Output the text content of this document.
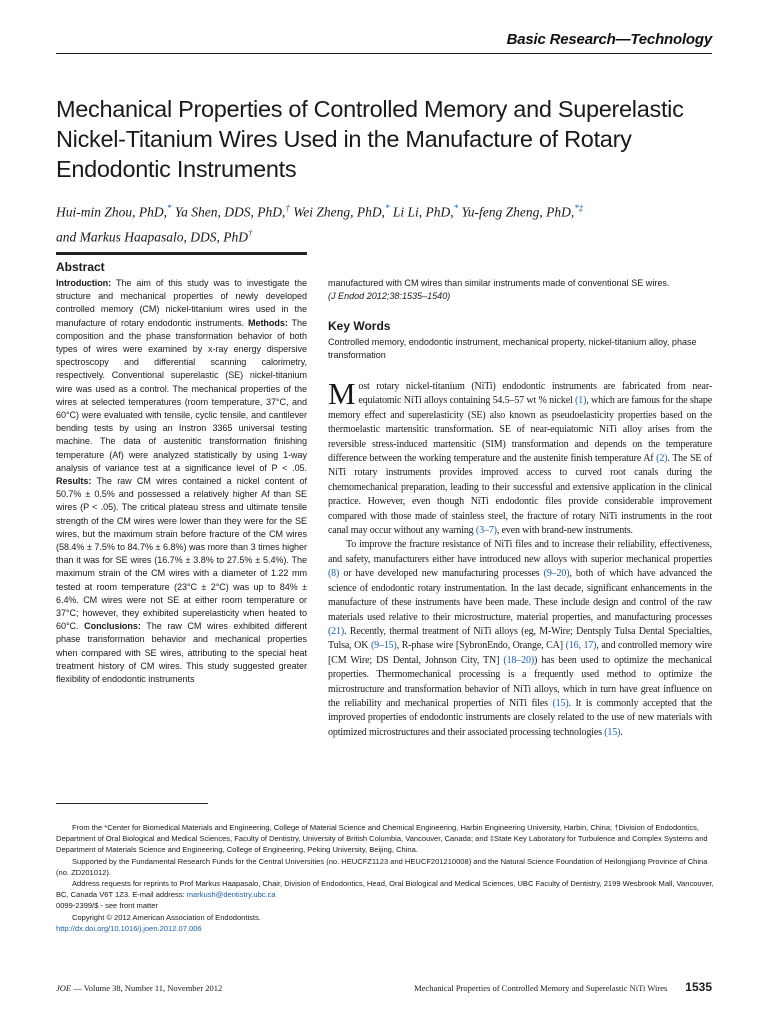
Basic Research—Technology
Mechanical Properties of Controlled Memory and Superelastic Nickel-Titanium Wires Used in the Manufacture of Rotary Endodontic Instruments
Hui-min Zhou, PhD,* Ya Shen, DDS, PhD,† Wei Zheng, PhD,* Li Li, PhD,* Yu-feng Zheng, PhD,*‡
and Markus Haapasalo, DDS, PhD†
Abstract
Introduction: The aim of this study was to investigate the structure and mechanical properties of newly developed controlled memory (CM) nickel-titanium wires used in the manufacture of rotary endodontic instruments. Methods: The composition and the phase transformation behavior of both types of wires were examined by x-ray energy dispersive spectroscopy and differential scanning calorimetry, respectively. Conventional superelastic (SE) nickel-titanium wire was used as a control. The mechanical properties of the wires at selected temperatures (room temperature, 37°C, and 60°C) were evaluated with tensile, cyclic tensile, and cantilever bending tests by using an Instron 3365 universal testing machine. The data of austenitic transformation finishing temperature (Af) were analyzed statistically by using 1-way analysis of variance test at a significance level of P < .05. Results: The raw CM wires contained a nickel content of 50.7% ± 0.5% and possessed a relatively higher Af than SE wires (P < .05). The critical plateau stress and ultimate tensile strength of the CM wires were lower than they were for the SE wires, but the maximum strain before fracture of the CM wires (58.4% ± 7.5% to 84.7% ± 6.8%) was more than 3 times higher than it was for SE wires (16.7% ± 3.8% to 27.5% ± 5.4%). The maximum strain of the CM wires with a diameter of 1.22 mm tested at room temperature (23°C ± 2°C) was up to 84% ± 6.4%. CM wires were not SE at either room temperature or 37°C; however, they exhibited superelasticity when heated to 60°C. Conclusions: The raw CM wires exhibited different phase transformation behavior and mechanical properties when compared with SE wires, attributing to the special heat treatment history of CM wires. This study suggested greater flexibility of endodontic instruments
manufactured with CM wires than similar instruments made of conventional SE wires.
(J Endod 2012;38:1535–1540)
Key Words
Controlled memory, endodontic instrument, mechanical property, nickel-titanium alloy, phase transformation

Most rotary nickel-titanium (NiTi) endodontic instruments are fabricated from near-equiatomic NiTi alloys containing 54.5–57 wt % nickel (1), which are famous for the shape memory effect and superelasticity (SE) also known as pseudoelasticity properties based on the thermoelastic martensitic transformation. SE of near-equiatomic NiTi alloy arises from the reversible stress-induced martensitic (SIM) transformation and depends on the temperature difference between the working temperature and the austenite finish temperature Af (2). The SE of NiTi rotary instruments provides improved access to curved root canals during the chemomechanical preparation, leading to their successful and extensive application in the clinical practice. However, even though NiTi endodontic files provide considerable improvement compared with those made of stainless steel, the fracture of rotary NiTi instruments in the root canal may occur without any warning (3–7), even with brand-new instruments.

To improve the fracture resistance of NiTi files and to increase their reliability, effectiveness, and safety, manufacturers either have introduced new alloys with superior mechanical properties (8) or have developed new manufacturing processes (9–20), both of which have advanced the science of endodontic rotary instrumentation. In the last decade, significant enhancements in the manufacture of these instruments have been made. These include design and control of the raw materials used relative to their microstructure, material properties, and manufacturing processes (21). Recently, thermal treatment of NiTi alloys (eg, M-Wire; Dentsply Tulsa Dental Specialties, Tulsa, OK (9–15), R-phase wire [SybronEndo, Orange, CA] (16, 17), and controlled memory wire [CM Wire; DS Dental, Johnson City, TN] (18–20)) has been used to optimize the mechanical properties. Thermomechanical processing is a frequently used method to optimize the microstructure and transformation behavior of NiTi alloys, which in turn have great influence on the reliability and mechanical properties of NiTi files (15). It is commonly accepted that the improved properties of endodontic instruments are closely related to the use of new materials with optimized microstructures and their associated processing technologies (15).

From the *Center for Biomedical Materials and Engineering, College of Material Science and Chemical Engineering, Harbin Engineering University, Harbin, China; †Division of Endodontics, Department of Oral Biological and Medical Sciences, Faculty of Dentistry, University of British Columbia, Vancouver, Canada; and ‡State Key Laboratory for Turbulence and Complex Systems and Department of Materials Science and Engineering, College of Engineering, Peking University, Beijing, China.

Supported by the Fundamental Research Funds for the Central Universities (no. HEUCFZ1123 and HEUCF201210008) and the Natural Science Foundation of Heilongjiang Province of China (no. ZD201012).

Address requests for reprints to Prof Markus Haapasalo, Chair, Division of Endodontics, Head, Oral Biological and Medical Sciences, UBC Faculty of Dentistry, 2199 Wesbrook Mall, Vancouver, BC, Canada V6T 1Z3. E-mail address: markush@dentistry.ubc.ca

0099-2399/$ - see front matter

Copyright © 2012 American Association of Endodontists.

http://dx.doi.org/10.1016/j.joen.2012.07.006

JOE — Volume 38, Number 11, November 2012	Mechanical Properties of Controlled Memory and Superelastic NiTi Wires 1535
